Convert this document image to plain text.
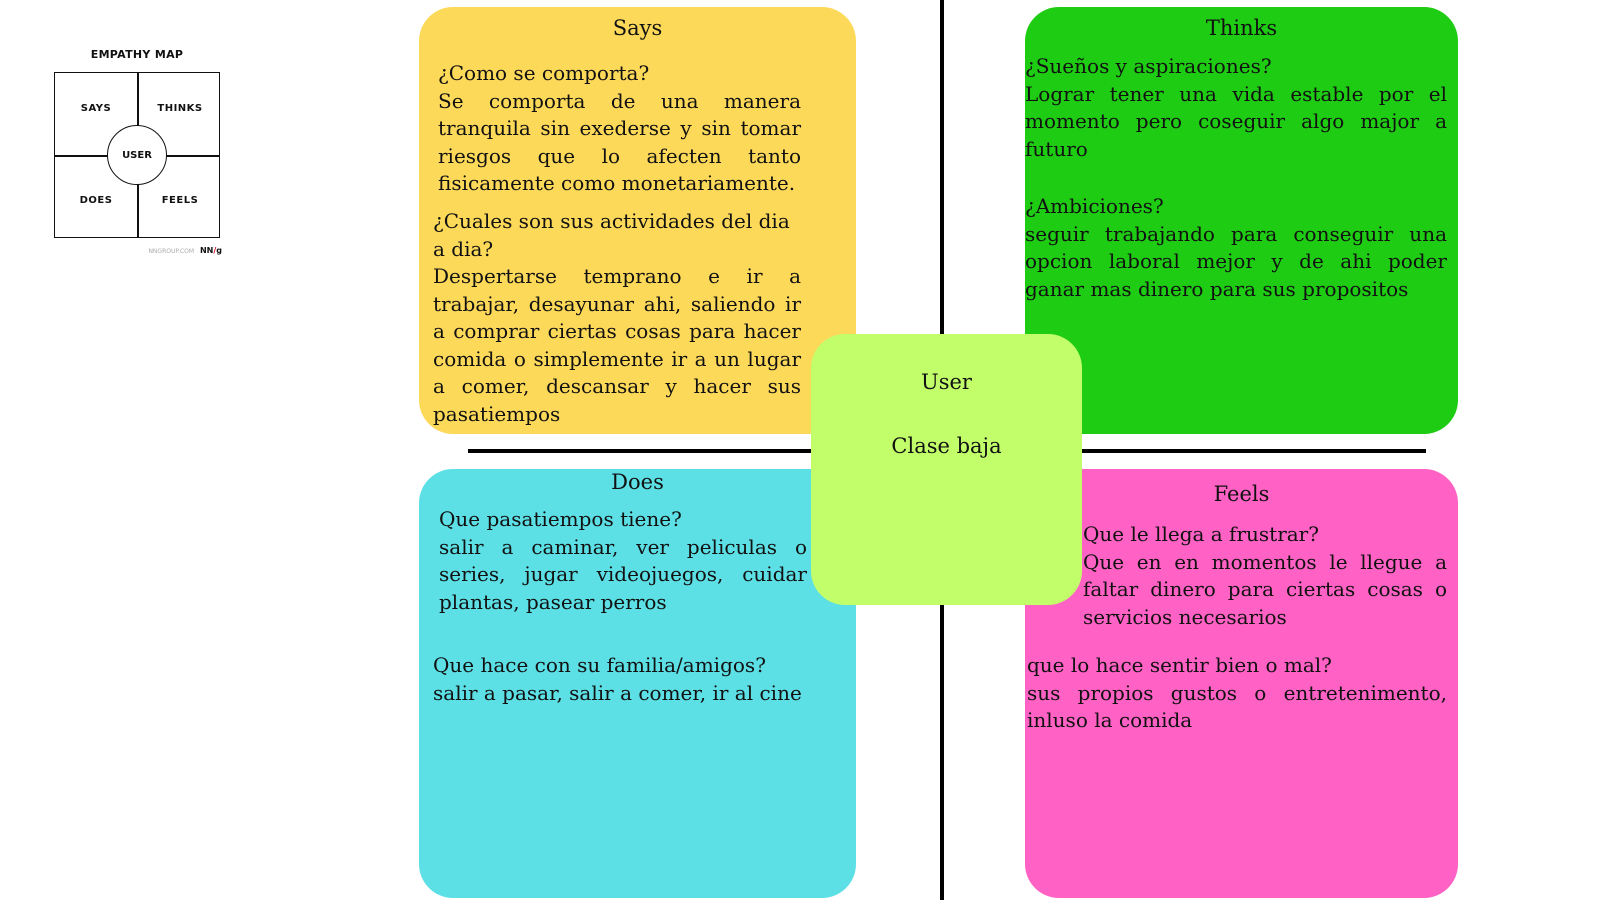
EMPATHY MAP
SAYS	THINKS
DOES	FEELS
USER
NNGROUP.COM NN/g
Says
¿Como se comporta?
Se comporta de una manera tranquila sin exederse y sin tomar riesgos que lo afecten tanto fisicamente como monetariamente.
¿Cuales son sus actividades del dia a dia?
Despertarse temprano e ir a trabajar, desayunar ahi, saliendo ir a comprar ciertas cosas para hacer comida o simplemente ir a un lugar a comer, descansar y hacer sus pasatiempos
Thinks
¿Sueños y aspiraciones?
Lograr tener una vida estable por el momento pero coseguir algo major a futuro
¿Ambiciones?
seguir trabajando para conseguir una opcion laboral mejor y de ahi poder ganar mas dinero para sus propositos
Does
Que pasatiempos tiene?
salir a caminar, ver peliculas o series, jugar videojuegos, cuidar plantas, pasear perros
Que hace con su familia/amigos?
salir a pasar, salir a comer, ir al cine
Feels
Que le llega a frustrar?
Que en en momentos le llegue a faltar dinero para ciertas cosas o servicios necesarios
que lo hace sentir bien o mal?
sus propios gustos o entretenimento, inluso la comida
User
Clase baja
